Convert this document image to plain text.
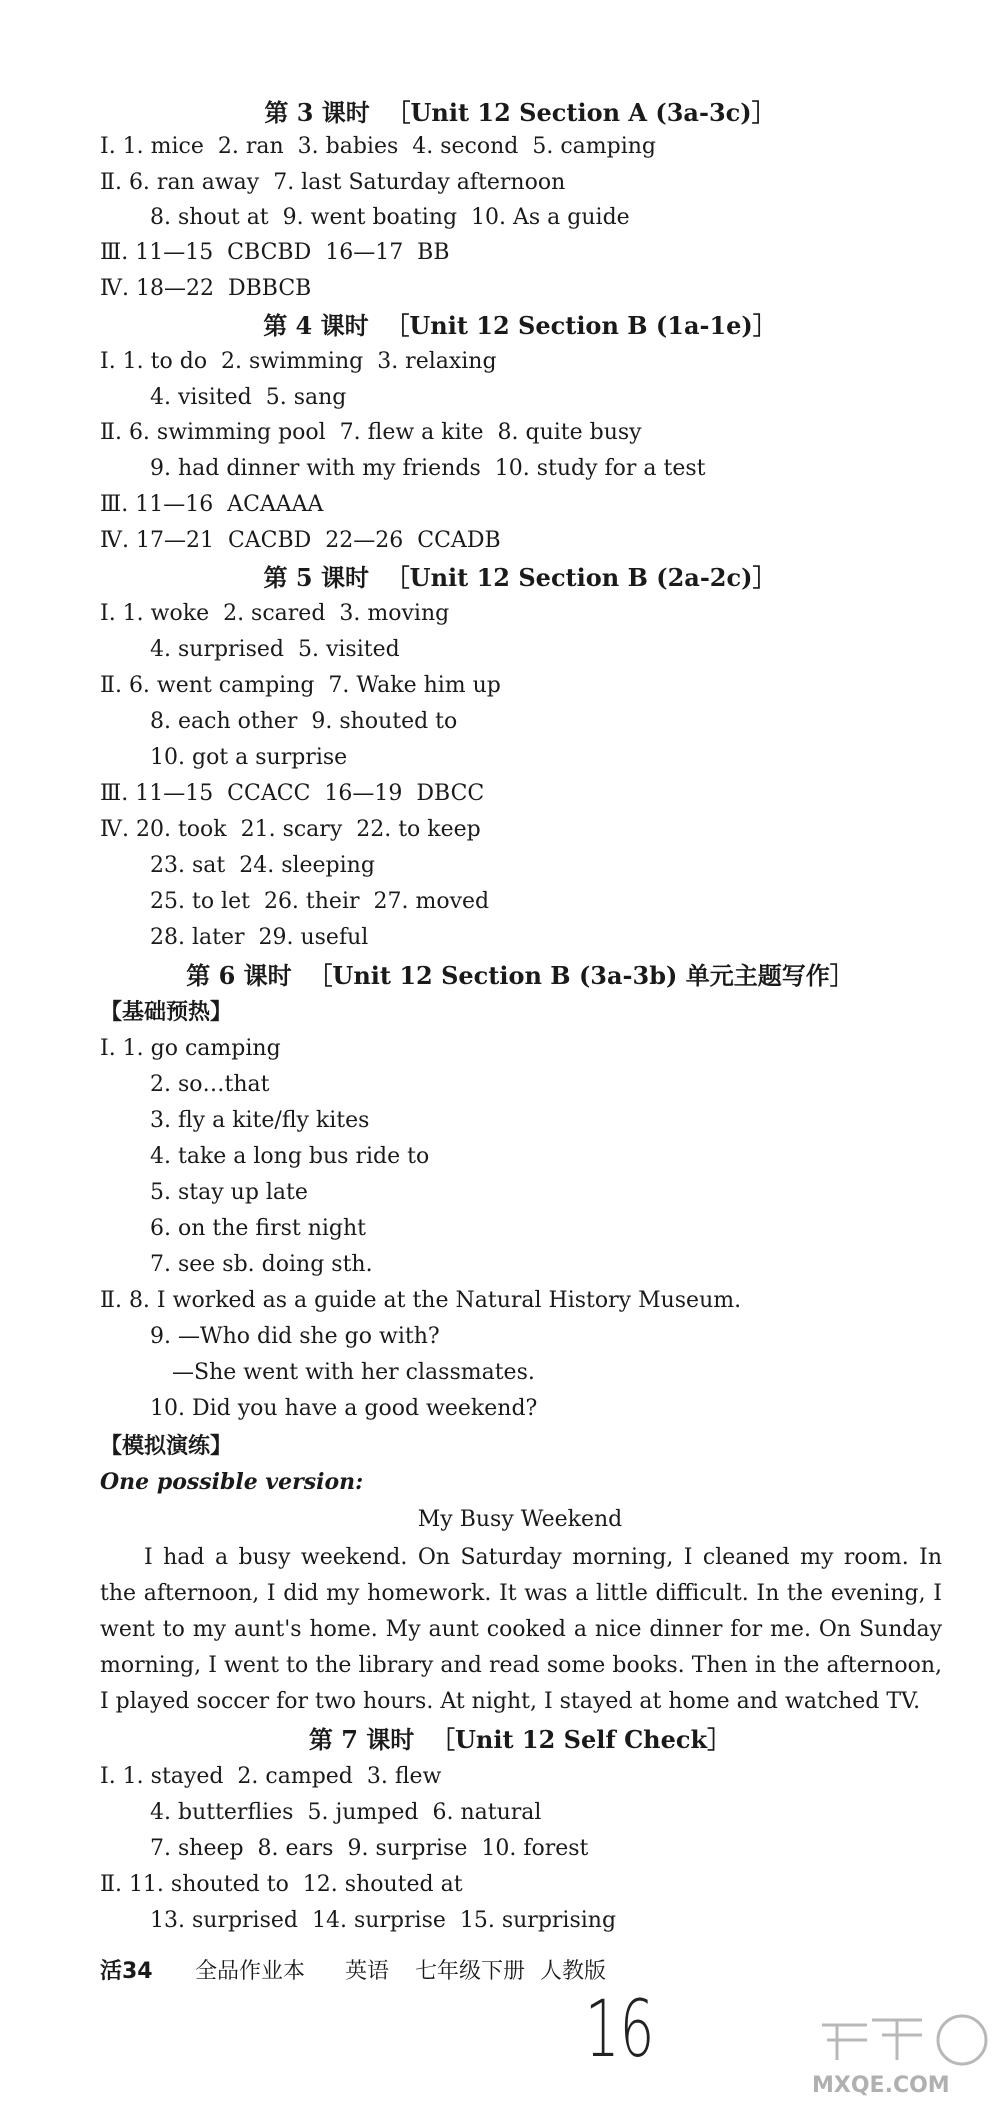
第 3 课时  ［Unit 12 Section A (3a-3c)］
Ⅰ. 1. mice  2. ran  3. babies  4. second  5. camping
Ⅱ. 6. ran away  7. last Saturday afternoon
8. shout at  9. went boating  10. As a guide
Ⅲ. 11—15  CBCBD  16—17  BB
Ⅳ. 18—22  DBBCB
第 4 课时  ［Unit 12 Section B (1a-1e)］
Ⅰ. 1. to do  2. swimming  3. relaxing
4. visited  5. sang
Ⅱ. 6. swimming pool  7. flew a kite  8. quite busy
9. had dinner with my friends  10. study for a test
Ⅲ. 11—16  ACAAAA
Ⅳ. 17—21  CACBD  22—26  CCADB
第 5 课时  ［Unit 12 Section B (2a-2c)］
Ⅰ. 1. woke  2. scared  3. moving
4. surprised  5. visited
Ⅱ. 6. went camping  7. Wake him up
8. each other  9. shouted to
10. got a surprise
Ⅲ. 11—15  CCACC  16—19  DBCC
Ⅳ. 20. took  21. scary  22. to keep
23. sat  24. sleeping
25. to let  26. their  27. moved
28. later  29. useful
第 6 课时  ［Unit 12 Section B (3a-3b) 单元主题写作］
【基础预热】
Ⅰ. 1. go camping
2. so…that
3. fly a kite/fly kites
4. take a long bus ride to
5. stay up late
6. on the first night
7. see sb. doing sth.
Ⅱ. 8. I worked as a guide at the Natural History Museum.
9. —Who did she go with?
—She went with her classmates.
10. Did you have a good weekend?
【模拟演练】
One possible version:
My Busy Weekend
I had a busy weekend. On Saturday morning, I cleaned my room. In the afternoon, I did my homework. It was a little difficult. In the evening, I went to my aunt's home. My aunt cooked a nice dinner for me. On Sunday morning, I went to the library and read some books. Then in the afternoon, I played soccer for two hours. At night, I stayed at home and watched TV.
第 7 课时  ［Unit 12 Self Check］
Ⅰ. 1. stayed  2. camped  3. flew
4. butterflies  5. jumped  6. natural
7. sheep  8. ears  9. surprise  10. forest
Ⅱ. 11. shouted to  12. shouted at
13. surprised  14. surprise  15. surprising
活34 全品作业本 英语 七年级下册 人教版
16
MXQE.COM
